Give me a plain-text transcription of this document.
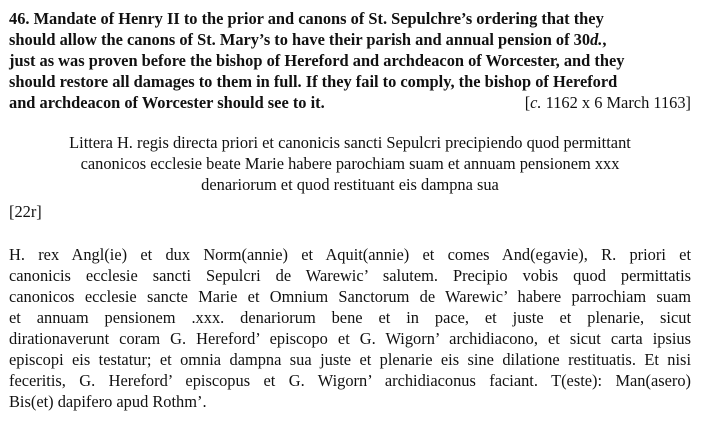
46. Mandate of Henry II to the prior and canons of St. Sepulchre’s ordering that they
should allow the canons of St. Mary’s to have their parish and annual pension of 30d.,
just as was proven before the bishop of Hereford and archdeacon of Worcester, and they
should restore all damages to them in full. If they fail to comply, the bishop of Hereford
and archdeacon of Worcester should see to it.	[c. 1162 x 6 March 1163]
Littera H. regis directa priori et canonicis sancti Sepulcri precipiendo quod permittant
canonicos ecclesie beate Marie habere parochiam suam et annuam pensionem xxx
denariorum et quod restituant eis dampna sua
[22r]
H. rex Angl(ie) et dux Norm(annie) et Aquit(annie) et comes And(egavie), R. priori et
canonicis ecclesie sancti Sepulcri de Warewic’ salutem. Precipio vobis quod permittatis
canonicos ecclesie sancte Marie et Omnium Sanctorum de Warewic’ habere parrochiam suam
et annuam pensionem .xxx. denariorum bene et in pace, et juste et plenarie, sicut
dirationaverunt coram G. Hereford’ episcopo et G. Wigorn’ archidiacono, et sicut carta ipsius
episcopi eis testatur; et omnia dampna sua juste et plenarie eis sine dilatione restituatis. Et nisi
feceritis, G. Hereford’ episcopus et G. Wigorn’ archidiaconus faciant. T(este): Man(asero)
Bis(et) dapifero apud Rothm’.
